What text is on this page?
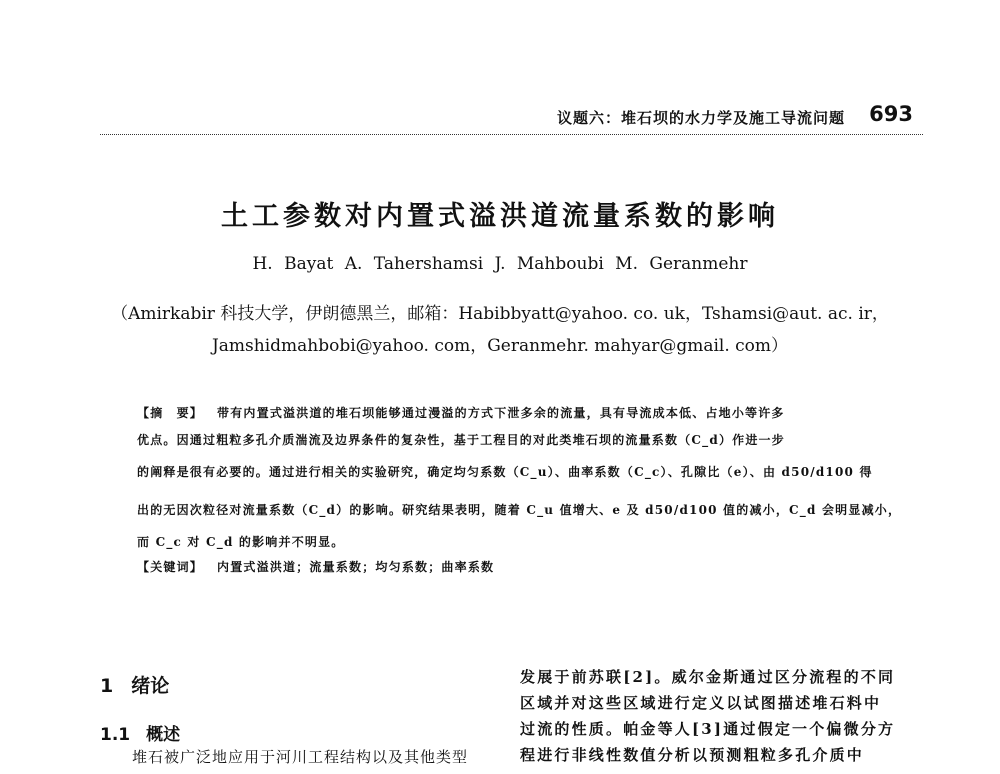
议题六：堆石坝的水力学及施工导流问题 693
土工参数对内置式溢洪道流量系数的影响
H. Bayat A. Tahershamsi J. Mahboubi M. Geranmehr
（Amirkabir 科技大学，伊朗德黑兰，邮箱：Habibbyatt@yahoo. co. uk，Tshamsi@aut. ac. ir，
Jamshidmahbobi@yahoo. com，Geranmehr. mahyar@gmail. com）
【摘　要】 带有内置式溢洪道的堆石坝能够通过漫溢的方式下泄多余的流量，具有导流成本低、占地小等许多
优点。因通过粗粒多孔介质湍流及边界条件的复杂性，基于工程目的对此类堆石坝的流量系数（C_d）作进一步
的阐释是很有必要的。通过进行相关的实验研究，确定均匀系数（C_u）、曲率系数（C_c）、孔隙比（e）、由 d50/d100 得
出的无因次粒径对流量系数（C_d）的影响。研究结果表明，随着 C_u 值增大、e 及 d50/d100 值的减小，C_d 会明显减小，
而 C_c 对 C_d 的影响并不明显。
【关键词】 内置式溢洪道；流量系数；均匀系数；曲率系数
1 绪论
1.1 概述
堆石被广泛地应用于河川工程结构以及其他类型
发展于前苏联[2]。威尔金斯通过区分流程的不同
区域并对这些区域进行定义以试图描述堆石料中
过流的性质。帕金等人[3]通过假定一个偏微分方
程进行非线性数值分析以预测粗粒多孔介质中
